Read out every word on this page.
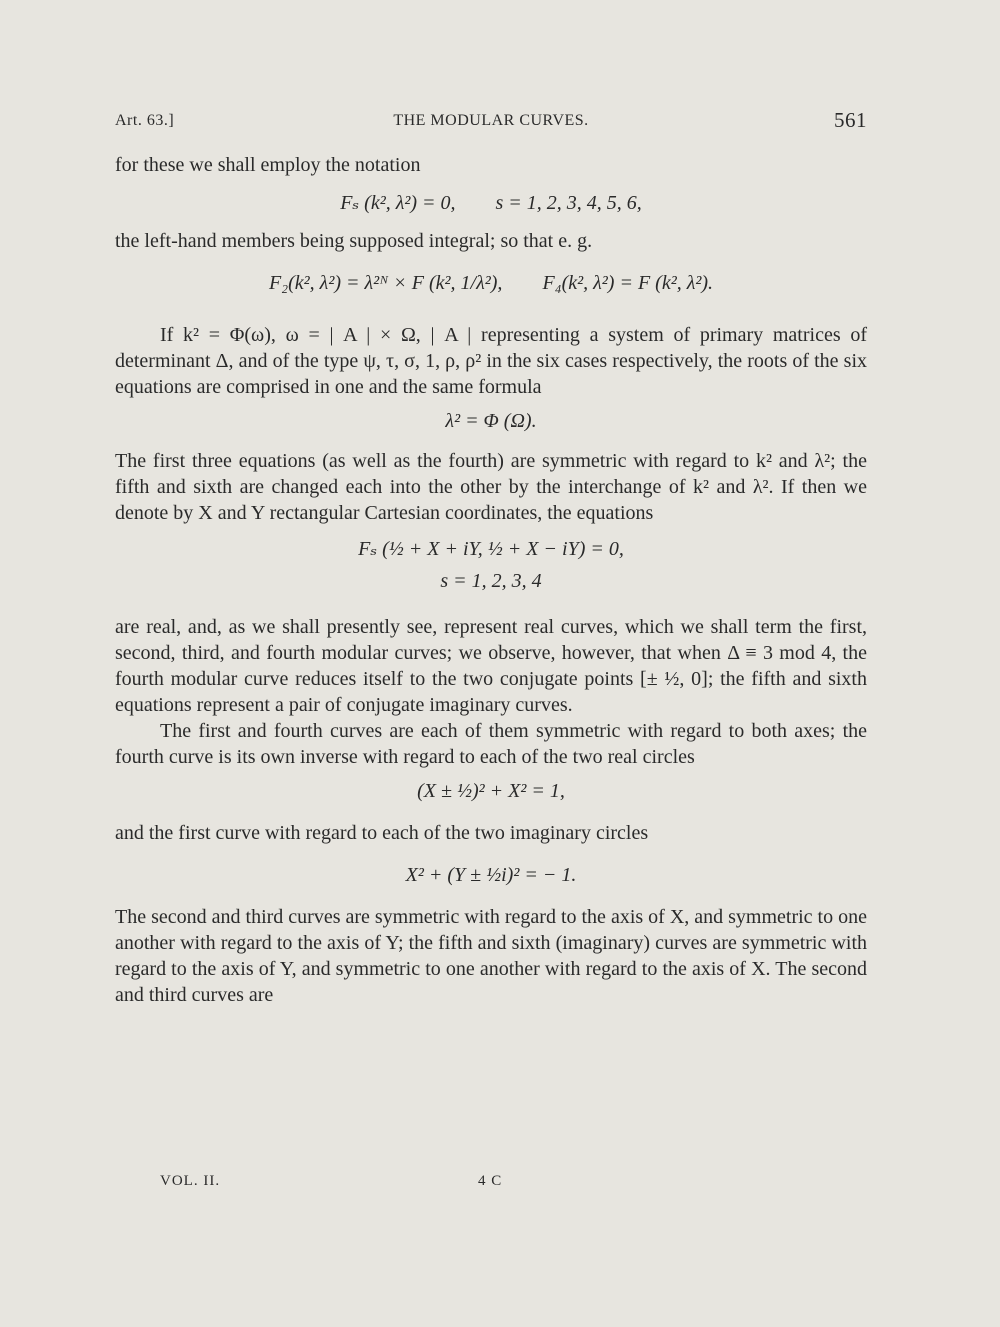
Art. 63.]	THE MODULAR CURVES.	561

for these we shall employ the notation

Fₛ (k², λ²) = 0, s = 1, 2, 3, 4, 5, 6,

the left-hand members being supposed integral; so that e. g.

F₂(k², λ²) = λ²ᴺ × F (k², 1/λ²), F₄(k², λ²) = F (k², λ²).

If k² = Φ(ω), ω = | A | × Ω, | A | representing a system of primary matrices of determinant Δ, and of the type ψ, τ, σ, 1, ρ, ρ² in the six cases respectively, the roots of the six equations are comprised in one and the same formula

λ² = Φ (Ω).

The first three equations (as well as the fourth) are symmetric with regard to k² and λ²; the fifth and sixth are changed each into the other by the interchange of k² and λ². If then we denote by X and Y rectangular Cartesian coordinates, the equations

Fₛ (½ + X + iY, ½ + X − iY) = 0,
s = 1, 2, 3, 4

are real, and, as we shall presently see, represent real curves, which we shall term the first, second, third, and fourth modular curves; we observe, however, that when Δ ≡ 3 mod 4, the fourth modular curve reduces itself to the two conjugate points [± ½, 0]; the fifth and sixth equations represent a pair of conjugate imaginary curves.

The first and fourth curves are each of them symmetric with regard to both axes; the fourth curve is its own inverse with regard to each of the two real circles

(X ± ½)² + X² = 1,

and the first curve with regard to each of the two imaginary circles

X² + (Y ± ½i)² = − 1.

The second and third curves are symmetric with regard to the axis of X, and symmetric to one another with regard to the axis of Y; the fifth and sixth (imaginary) curves are symmetric with regard to the axis of Y, and symmetric to one another with regard to the axis of X. The second and third curves are

VOL. II.	4 C
